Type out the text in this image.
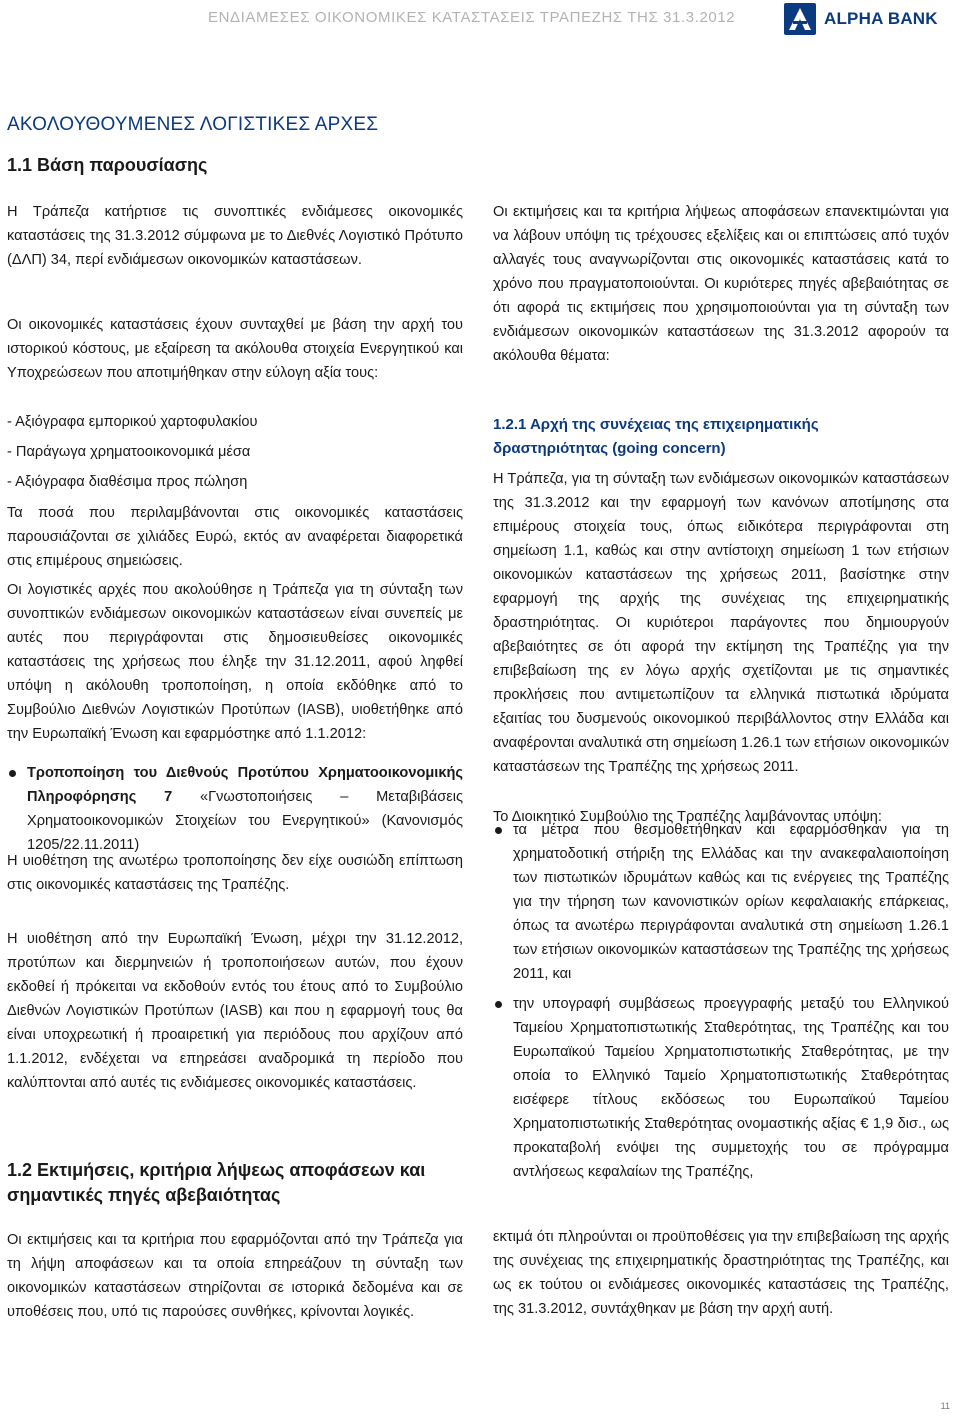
ΕΝΔΙΑΜΕΣΕΣ ΟΙΚΟΝΟΜΙΚΕΣ ΚΑΤΑΣΤΑΣΕΙΣ ΤΡΑΠΕΖΗΣ ΤΗΣ 31.3.2012	ALPHA BANK
ΑΚΟΛΟΥΘΟΥΜΕΝΕΣ ΛΟΓΙΣΤΙΚΕΣ ΑΡΧΕΣ
1.1 Βάση παρουσίασης

Η Τράπεζα κατήρτισε τις συνοπτικές ενδιάμεσες οικονομικές καταστάσεις της 31.3.2012 σύμφωνα με το Διεθνές Λογιστικό Πρότυπο (ΔΛΠ) 34, περί ενδιάμεσων οικονομικών καταστάσεων.

Οι οικονομικές καταστάσεις έχουν συνταχθεί με βάση την αρχή του ιστορικού κόστους, με εξαίρεση τα ακόλουθα στοιχεία Ενεργητικού και Υποχρεώσεων που αποτιμήθηκαν στην εύλογη αξία τους:

- Αξιόγραφα εμπορικού χαρτοφυλακίου

- Παράγωγα χρηματοοικονομικά μέσα

- Αξιόγραφα διαθέσιμα προς πώληση

Τα ποσά που περιλαμβάνονται στις οικονομικές καταστάσεις παρουσιάζονται σε χιλιάδες Ευρώ, εκτός αν αναφέρεται διαφορετικά στις επιμέρους σημειώσεις.

Οι λογιστικές αρχές που ακολούθησε η Τράπεζα για τη σύνταξη των συνοπτικών ενδιάμεσων οικονομικών καταστάσεων είναι συνεπείς με αυτές που περιγράφονται στις δημοσιευθείσες οικονομικές καταστάσεις της χρήσεως που έληξε την 31.12.2011, αφού ληφθεί υπόψη η ακόλουθη τροποποίηση, η οποία εκδόθηκε από το Συμβούλιο Διεθνών Λογιστικών Προτύπων (IASB), υιοθετήθηκε από την Ευρωπαϊκή Ένωση και εφαρμόστηκε από 1.1.2012:

Τροποποίηση του Διεθνούς Προτύπου Χρηματοοικονομικής Πληροφόρησης 7 «Γνωστοποιήσεις – Μεταβιβάσεις Χρηματοοικονομικών Στοιχείων του Ενεργητικού» (Κανονισμός 1205/22.11.2011)

Η υιοθέτηση της ανωτέρω τροποποίησης δεν είχε ουσιώδη επίπτωση στις οικονομικές καταστάσεις της Τραπέζης.

Η υιοθέτηση από την Ευρωπαϊκή Ένωση, μέχρι την 31.12.2012, προτύπων και διερμηνειών ή τροποποιήσεων αυτών, που έχουν εκδοθεί ή πρόκειται να εκδοθούν εντός του έτους από το Συμβούλιο Διεθνών Λογιστικών Προτύπων (IASB) και που η εφαρμογή τους θα είναι υποχρεωτική ή προαιρετική για περιόδους που αρχίζουν από 1.1.2012, ενδέχεται να επηρεάσει αναδρομικά τη περίοδο που καλύπτονται από αυτές τις ενδιάμεσες οικονομικές καταστάσεις.

1.2 Εκτιμήσεις, κριτήρια λήψεως αποφάσεων και σημαντικές πηγές αβεβαιότητας

Οι εκτιμήσεις και τα κριτήρια που εφαρμόζονται από την Τράπεζα για τη λήψη αποφάσεων και τα οποία επηρεάζουν τη σύνταξη των οικονομικών καταστάσεων στηρίζονται σε ιστορικά δεδομένα και σε υποθέσεις που, υπό τις παρούσες συνθήκες, κρίνονται λογικές.

Οι εκτιμήσεις και τα κριτήρια λήψεως αποφάσεων επανεκτιμώνται για να λάβουν υπόψη τις τρέχουσες εξελίξεις και οι επιπτώσεις από τυχόν αλλαγές τους αναγνωρίζονται στις οικονομικές καταστάσεις κατά το χρόνο που πραγματοποιούνται. Οι κυριότερες πηγές αβεβαιότητας σε ότι αφορά τις εκτιμήσεις που χρησιμοποιούνται για τη σύνταξη των ενδιάμεσων οικονομικών καταστάσεων της 31.3.2012 αφορούν τα ακόλουθα θέματα:

1.2.1 Αρχή της συνέχειας της επιχειρηματικής δραστηριότητας (going concern)

Η Τράπεζα, για τη σύνταξη των ενδιάμεσων οικονομικών καταστάσεων της 31.3.2012 και την εφαρμογή των κανόνων αποτίμησης στα επιμέρους στοιχεία τους, όπως ειδικότερα περιγράφονται στη σημείωση 1.1, καθώς και στην αντίστοιχη σημείωση 1 των ετήσιων οικονομικών καταστάσεων της χρήσεως 2011, βασίστηκε στην εφαρμογή της αρχής της συνέχειας της επιχειρηματικής δραστηριότητας. Οι κυριότεροι παράγοντες που δημιουργούν αβεβαιότητες σε ότι αφορά την εκτίμηση της Τραπέζης για την επιβεβαίωση της εν λόγω αρχής σχετίζονται με τις σημαντικές προκλήσεις που αντιμετωπίζουν τα ελληνικά πιστωτικά ιδρύματα εξαιτίας του δυσμενούς οικονομικού περιβάλλοντος στην Ελλάδα και αναφέρονται αναλυτικά στη σημείωση 1.26.1 των ετήσιων οικονομικών καταστάσεων της Τραπέζης της χρήσεως 2011.

Το Διοικητικό Συμβούλιο της Τραπέζης λαμβάνοντας υπόψη:

τα μέτρα που θεσμοθετήθηκαν και εφαρμόσθηκαν για τη χρηματοδοτική στήριξη της Ελλάδας και την ανακεφαλαιοποίηση των πιστωτικών ιδρυμάτων καθώς και τις ενέργειες της Τραπέζης για την τήρηση των κανονιστικών ορίων κεφαλαιακής επάρκειας, όπως τα ανωτέρω περιγράφονται αναλυτικά στη σημείωση 1.26.1 των ετήσιων οικονομικών καταστάσεων της Τραπέζης της χρήσεως 2011, και

την υπογραφή συμβάσεως προεγγραφής μεταξύ του Ελληνικού Ταμείου Χρηματοπιστωτικής Σταθερότητας, της Τραπέζης και του Ευρωπαϊκού Ταμείου Χρηματοπιστωτικής Σταθερότητας, με την οποία το Ελληνικό Ταμείο Χρηματοπιστωτικής Σταθερότητας εισέφερε τίτλους εκδόσεως του Ευρωπαϊκού Ταμείου Χρηματοπιστωτικής Σταθερότητας ονομαστικής αξίας € 1,9 δισ., ως προκαταβολή ενόψει της συμμετοχής του σε πρόγραμμα αντλήσεως κεφαλαίων της Τραπέζης,

εκτιμά ότι πληρούνται οι προϋποθέσεις για την επιβεβαίωση της αρχής της συνέχειας της επιχειρηματικής δραστηριότητας της Τραπέζης, και ως εκ τούτου οι ενδιάμεσες οικονομικές καταστάσεις της Τραπέζης, της 31.3.2012, συντάχθηκαν με βάση την αρχή αυτή.

11
